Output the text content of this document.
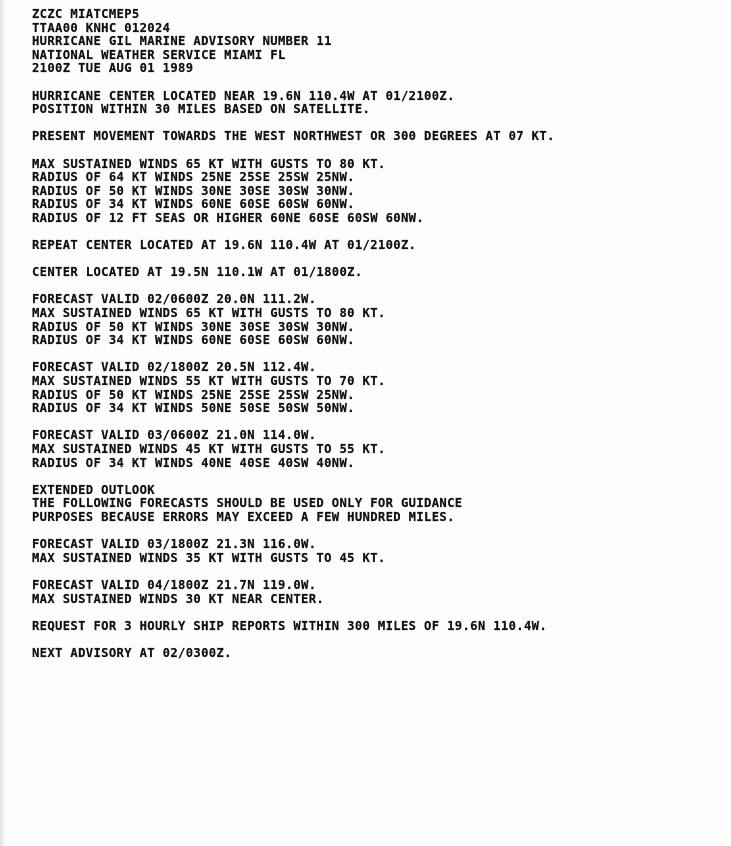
ZCZC MIATCMEP5
TTAA00 KNHC 012024
HURRICANE GIL MARINE ADVISORY NUMBER 11
NATIONAL WEATHER SERVICE MIAMI FL
2100Z TUE AUG 01 1989
HURRICANE CENTER LOCATED NEAR 19.6N 110.4W AT 01/2100Z.
POSITION WITHIN 30 MILES BASED ON SATELLITE.
PRESENT MOVEMENT TOWARDS THE WEST NORTHWEST OR 300 DEGREES AT 07 KT.
MAX SUSTAINED WINDS 65 KT WITH GUSTS TO 80 KT.
RADIUS OF 64 KT WINDS 25NE 25SE 25SW 25NW.
RADIUS OF 50 KT WINDS 30NE 30SE 30SW 30NW.
RADIUS OF 34 KT WINDS 60NE 60SE 60SW 60NW.
RADIUS OF 12 FT SEAS OR HIGHER 60NE 60SE 60SW 60NW.
REPEAT CENTER LOCATED AT 19.6N 110.4W AT 01/2100Z.
CENTER LOCATED AT 19.5N 110.1W AT 01/1800Z.
FORECAST VALID 02/0600Z 20.0N 111.2W.
MAX SUSTAINED WINDS 65 KT WITH GUSTS TO 80 KT.
RADIUS OF 50 KT WINDS 30NE 30SE 30SW 30NW.
RADIUS OF 34 KT WINDS 60NE 60SE 60SW 60NW.
FORECAST VALID 02/1800Z 20.5N 112.4W.
MAX SUSTAINED WINDS 55 KT WITH GUSTS TO 70 KT.
RADIUS OF 50 KT WINDS 25NE 25SE 25SW 25NW.
RADIUS OF 34 KT WINDS 50NE 50SE 50SW 50NW.
FORECAST VALID 03/0600Z 21.0N 114.0W.
MAX SUSTAINED WINDS 45 KT WITH GUSTS TO 55 KT.
RADIUS OF 34 KT WINDS 40NE 40SE 40SW 40NW.
EXTENDED OUTLOOK
THE FOLLOWING FORECASTS SHOULD BE USED ONLY FOR GUIDANCE
PURPOSES BECAUSE ERRORS MAY EXCEED A FEW HUNDRED MILES.
FORECAST VALID 03/1800Z 21.3N 116.0W.
MAX SUSTAINED WINDS 35 KT WITH GUSTS TO 45 KT.
FORECAST VALID 04/1800Z 21.7N 119.0W.
MAX SUSTAINED WINDS 30 KT NEAR CENTER.
REQUEST FOR 3 HOURLY SHIP REPORTS WITHIN 300 MILES OF 19.6N 110.4W.
NEXT ADVISORY AT 02/0300Z.
